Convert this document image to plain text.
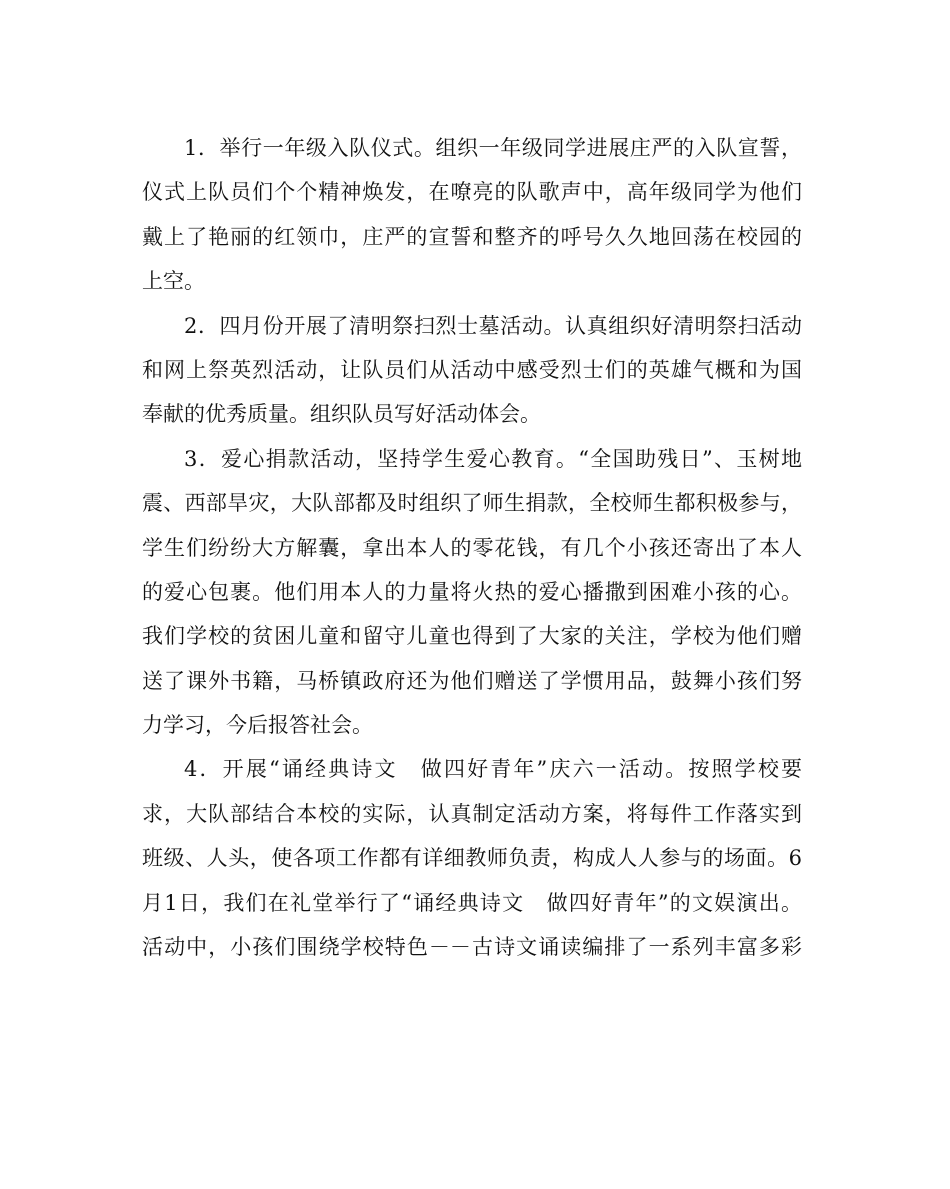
1．举行一年级入队仪式。组织一年级同学进展庄严的入队宣誓，
仪式上队员们个个精神焕发，在嘹亮的队歌声中，高年级同学为他们
戴上了艳丽的红领巾，庄严的宣誓和整齐的呼号久久地回荡在校园的
上空。
2．四月份开展了清明祭扫烈士墓活动。认真组织好清明祭扫活动
和网上祭英烈活动，让队员们从活动中感受烈士们的英雄气概和为国
奉献的优秀质量。组织队员写好活动体会。
3．爱心捐款活动，坚持学生爱心教育。“全国助残日”、玉树地
震、西部旱灾，大队部都及时组织了师生捐款，全校师生都积极参与，
学生们纷纷大方解囊，拿出本人的零花钱，有几个小孩还寄出了本人
的爱心包裹。他们用本人的力量将火热的爱心播撒到困难小孩的心。
我们学校的贫困儿童和留守儿童也得到了大家的关注，学校为他们赠
送了课外书籍，马桥镇政府还为他们赠送了学惯用品，鼓舞小孩们努
力学习，今后报答社会。
4．开展“诵经典诗文　做四好青年”庆六一活动。按照学校要
求，大队部结合本校的实际，认真制定活动方案，将每件工作落实到
班级、人头，使各项工作都有详细教师负责，构成人人参与的场面。6
月1日，我们在礼堂举行了“诵经典诗文　做四好青年”的文娱演出。
活动中，小孩们围绕学校特色－－古诗文诵读编排了一系列丰富多彩
